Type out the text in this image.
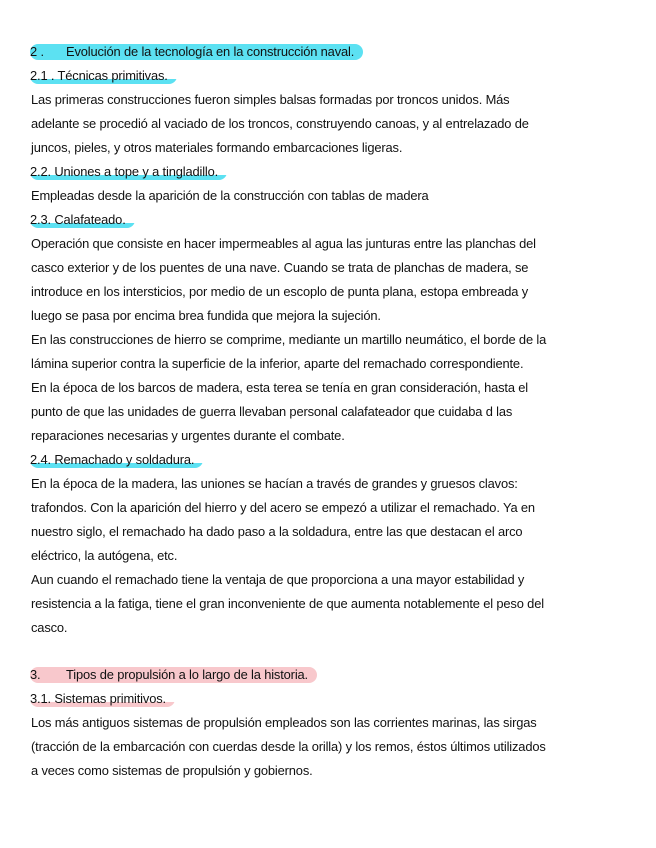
2 . Evolución de la tecnología en la construcción naval.
2.1 . Técnicas primitivas.
Las primeras construcciones fueron simples balsas formadas por troncos unidos. Más
adelante se procedió al vaciado de los troncos, construyendo canoas, y al entrelazado de
juncos, pieles, y otros materiales formando embarcaciones ligeras.
2.2. Uniones a tope y a tingladillo.
Empleadas desde la aparición de la construcción con tablas de madera
2.3. Calafateado.
Operación que consiste en hacer impermeables al agua las junturas entre las planchas del
casco exterior y de los puentes de una nave. Cuando se trata de planchas de madera, se
introduce en los intersticios, por medio de un escoplo de punta plana, estopa embreada y
luego se pasa por encima brea fundida que mejora la sujeción.
En las construcciones de hierro se comprime, mediante un martillo neumático, el borde de la
lámina superior contra la superficie de la inferior, aparte del remachado correspondiente.
En la época de los barcos de madera, esta terea se tenía en gran consideración, hasta el
punto de que las unidades de guerra llevaban personal calafateador que cuidaba d las
reparaciones necesarias y urgentes durante el combate.
2.4. Remachado y soldadura.
En la época de la madera, las uniones se hacían a través de grandes y gruesos clavos:
trafondos. Con la aparición del hierro y del acero se empezó a utilizar el remachado. Ya en
nuestro siglo, el remachado ha dado paso a la soldadura, entre las que destacan el arco
eléctrico, la autógena, etc.
Aun cuando el remachado tiene la ventaja de que proporciona a una mayor estabilidad y
resistencia a la fatiga, tiene el gran inconveniente de que aumenta notablemente el peso del
casco.
3. Tipos de propulsión a lo largo de la historia.
3.1. Sistemas primitivos.
Los más antiguos sistemas de propulsión empleados son las corrientes marinas, las sirgas
(tracción de la embarcación con cuerdas desde la orilla) y los remos, éstos últimos utilizados
a veces como sistemas de propulsión y gobiernos.
